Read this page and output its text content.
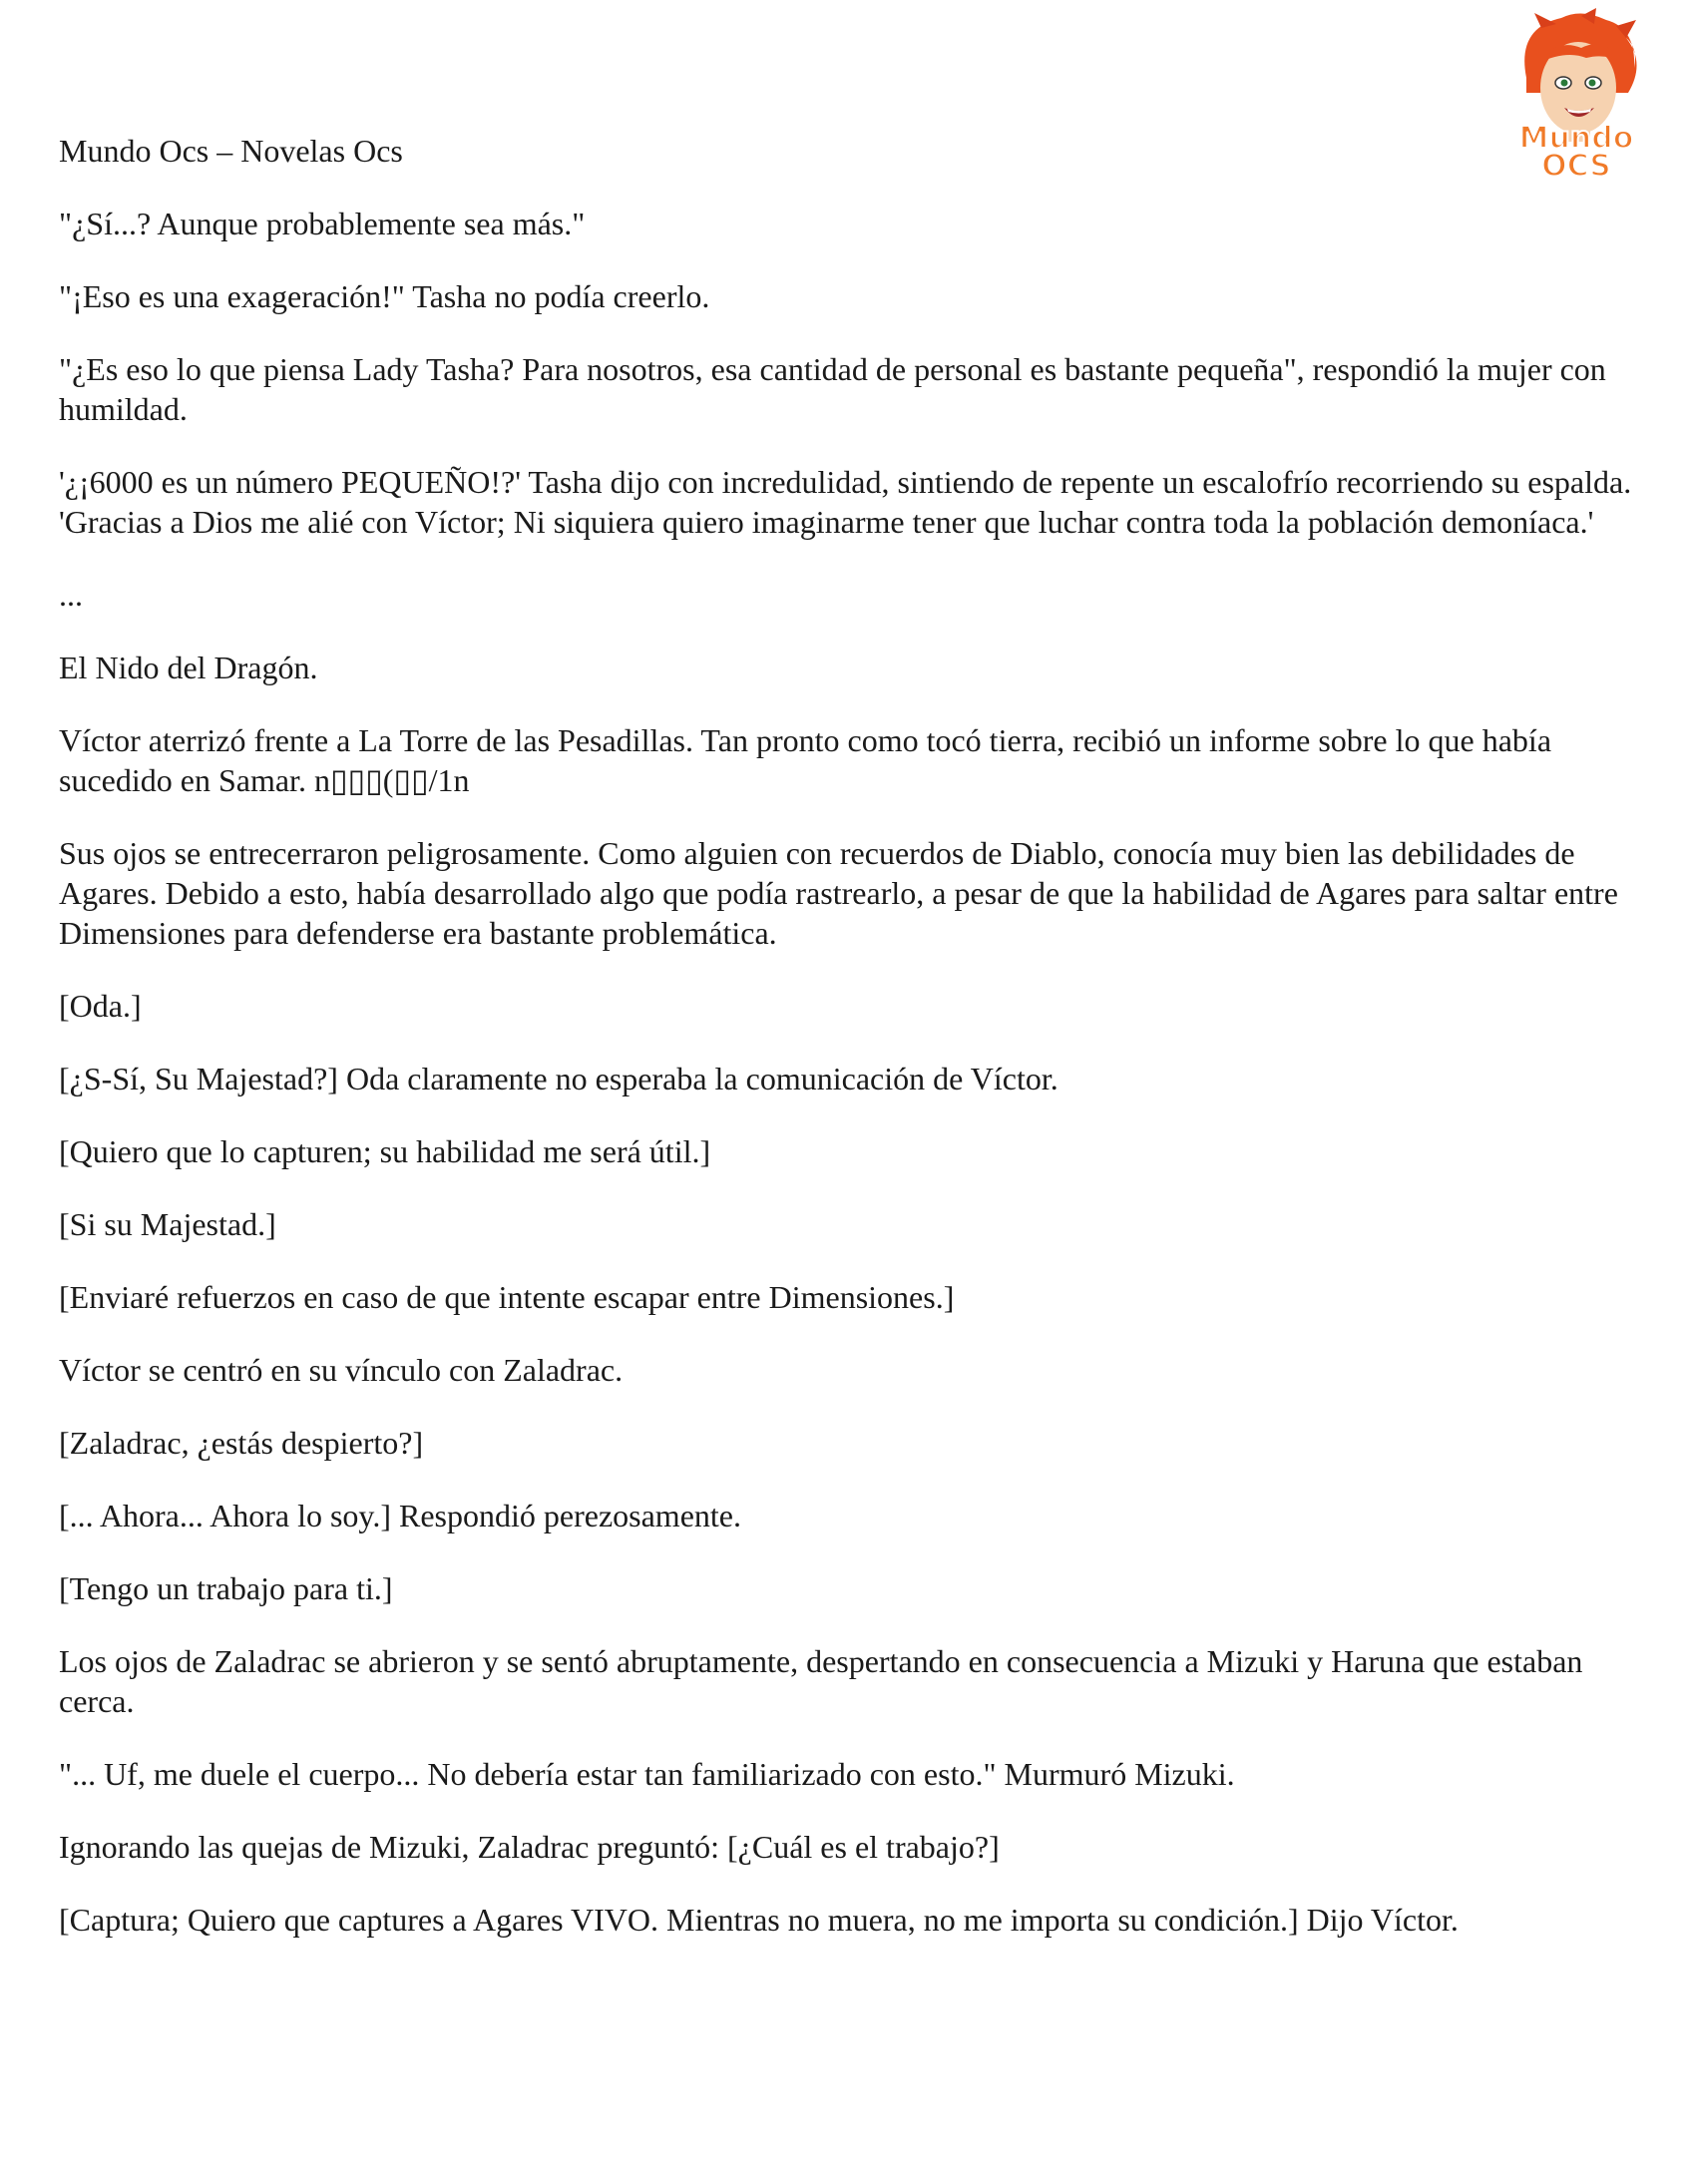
Mundo
OCS
Mundo Ocs – Novelas Ocs

"¿Sí...? Aunque probablemente sea más."

"¡Eso es una exageración!" Tasha no podía creerlo.

"¿Es eso lo que piensa Lady Tasha? Para nosotros, esa cantidad de personal es bastante pequeña", respondió la mujer con humildad.

'¿¡6000 es un número PEQUEÑO!?' Tasha dijo con incredulidad, sintiendo de repente un escalofrío recorriendo su espalda. 'Gracias a Dios me alié con Víctor; Ni siquiera quiero imaginarme tener que luchar contra toda la población demoníaca.'

...

El Nido del Dragón.

Víctor aterrizó frente a La Torre de las Pesadillas. Tan pronto como tocó tierra, recibió un informe sobre lo que había sucedido en Samar. n▯▯▯(▯▯/1n

Sus ojos se entrecerraron peligrosamente. Como alguien con recuerdos de Diablo, conocía muy bien las debilidades de Agares. Debido a esto, había desarrollado algo que podía rastrearlo, a pesar de que la habilidad de Agares para saltar entre Dimensiones para defenderse era bastante problemática.

[Oda.]

[¿S-Sí, Su Majestad?] Oda claramente no esperaba la comunicación de Víctor.

[Quiero que lo capturen; su habilidad me será útil.]

[Si su Majestad.]

[Enviaré refuerzos en caso de que intente escapar entre Dimensiones.]

Víctor se centró en su vínculo con Zaladrac.

[Zaladrac, ¿estás despierto?]

[... Ahora... Ahora lo soy.] Respondió perezosamente.

[Tengo un trabajo para ti.]

Los ojos de Zaladrac se abrieron y se sentó abruptamente, despertando en consecuencia a Mizuki y Haruna que estaban cerca.

"... Uf, me duele el cuerpo... No debería estar tan familiarizado con esto." Murmuró Mizuki.

Ignorando las quejas de Mizuki, Zaladrac preguntó: [¿Cuál es el trabajo?]

[Captura; Quiero que captures a Agares VIVO. Mientras no muera, no me importa su condición.] Dijo Víctor.
